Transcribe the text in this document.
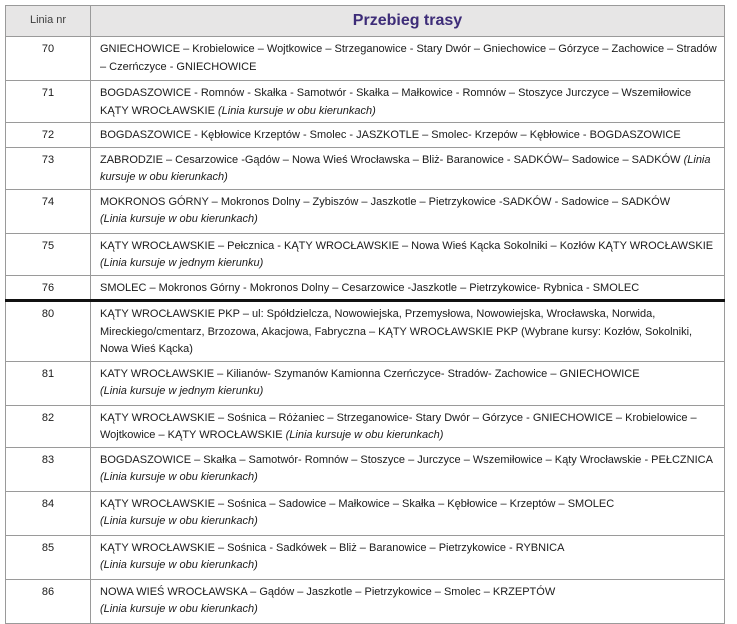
Linia nr	Przebieg trasy
70	GNIECHOWICE – Krobielowice – Wojtkowice – Strzeganowice - Stary Dwór – Gniechowice – Górzyce – Zachowice – Stradów – Czerńczyce - GNIECHOWICE
71	BOGDASZOWICE - Romnów - Skałka - Samotwór - Skałka – Małkowice - Romnów – Stoszyce Jurczyce – Wszemiłowice KĄTY WROCŁAWSKIE (Linia kursuje w obu kierunkach)
72	BOGDASZOWICE - Kębłowice Krzeptów - Smolec - JASZKOTLE – Smolec- Krzepów – Kębłowice - BOGDASZOWICE
73	ZABRODZIE – Cesarzowice -Gądów – Nowa Wieś Wrocławska – Bliż- Baranowice - SADKÓW– Sadowice – SADKÓW (Linia kursuje w obu kierunkach)
74	MOKRONOS GÓRNY – Mokronos Dolny – Zybiszów – Jaszkotle – Pietrzykowice -SADKÓW - Sadowice – SADKÓW
(Linia kursuje w obu kierunkach)
75	KĄTY WROCŁAWSKIE – Pełcznica - KĄTY WROCŁAWSKIE – Nowa Wieś Kącka Sokolniki – Kozłów KĄTY WROCŁAWSKIE (Linia kursuje w jednym kierunku)
76	SMOLEC – Mokronos Górny - Mokronos Dolny – Cesarzowice -Jaszkotle – Pietrzykowice- Rybnica - SMOLEC
80	KĄTY WROCŁAWSKIE PKP – ul: Spółdzielcza, Nowowiejska, Przemysłowa, Nowowiejska, Wrocławska, Norwida, Mireckiego/cmentarz, Brzozowa, Akacjowa, Fabryczna – KĄTY WROCŁAWSKIE PKP (Wybrane kursy: Kozłów, Sokolniki, Nowa Wieś Kącka)
81	KATY WROCŁAWSKIE – Kilianów- Szymanów Kamionna Czerńczyce- Stradów- Zachowice – GNIECHOWICE
(Linia kursuje w jednym kierunku)
82	KĄTY WROCŁAWSKIE – Sośnica – Różaniec – Strzeganowice- Stary Dwór – Górzyce - GNIECHOWICE – Krobielowice – Wojtkowice – KĄTY WROCŁAWSKIE (Linia kursuje w obu kierunkach)
83	BOGDASZOWICE – Skałka – Samotwór- Romnów – Stoszyce – Jurczyce – Wszemiłowice – Kąty Wrocławskie - PEŁCZNICA (Linia kursuje w obu kierunkach)
84	KĄTY WROCŁAWSKIE – Sośnica – Sadowice – Małkowice – Skałka – Kębłowice – Krzeptów – SMOLEC
(Linia kursuje w obu kierunkach)
85	KĄTY WROCŁAWSKIE – Sośnica - Sadkówek – Bliż – Baranowice – Pietrzykowice - RYBNICA
(Linia kursuje w obu kierunkach)
86	NOWA WIEŚ WROCŁAWSKA – Gądów – Jaszkotle – Pietrzykowice – Smolec – KRZEPTÓW
(Linia kursuje w obu kierunkach)
